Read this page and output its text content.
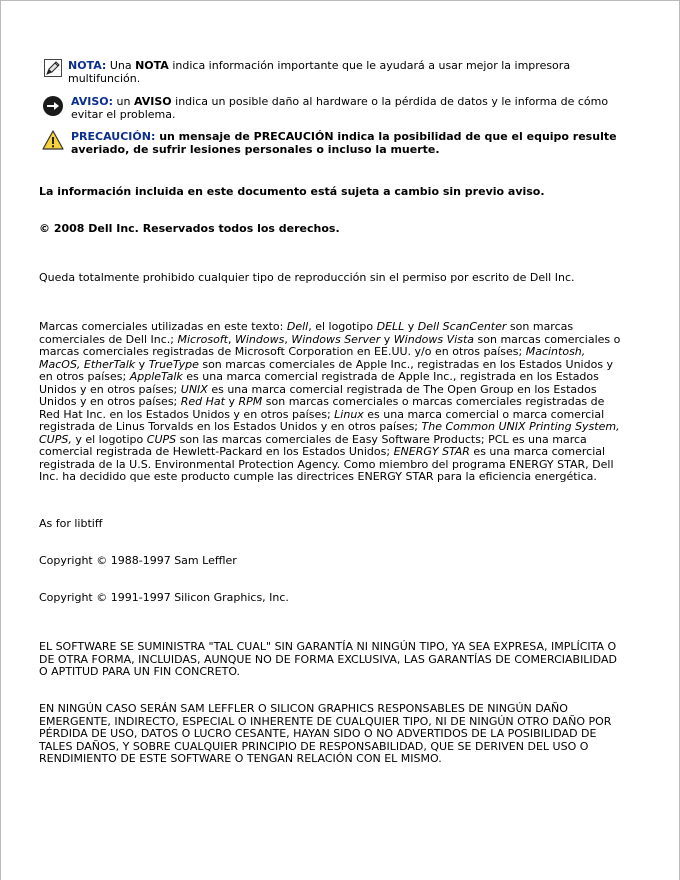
NOTA: Una NOTA indica información importante que le ayudará a usar mejor la impresora multifunción.

AVISO: un AVISO indica un posible daño al hardware o la pérdida de datos y le informa de cómo evitar el problema.

PRECAUCIÓN: un mensaje de PRECAUCIÓN indica la posibilidad de que el equipo resulte averiado, de sufrir lesiones personales o incluso la muerte.

La información incluida en este documento está sujeta a cambio sin previo aviso.

© 2008 Dell Inc. Reservados todos los derechos.

Queda totalmente prohibido cualquier tipo de reproducción sin el permiso por escrito de Dell Inc.

Marcas comerciales utilizadas en este texto: Dell, el logotipo DELL y Dell ScanCenter son marcas comerciales de Dell Inc.; Microsoft, Windows, Windows Server y Windows Vista son marcas comerciales o marcas comerciales registradas de Microsoft Corporation en EE.UU. y/o en otros países; Macintosh, MacOS, EtherTalk y TrueType son marcas comerciales de Apple Inc., registradas en los Estados Unidos y en otros países; AppleTalk es una marca comercial registrada de Apple Inc., registrada en los Estados Unidos y en otros países; UNIX es una marca comercial registrada de The Open Group en los Estados Unidos y en otros países; Red Hat y RPM son marcas comerciales o marcas comerciales registradas de Red Hat Inc. en los Estados Unidos y en otros países; Linux es una marca comercial o marca comercial registrada de Linus Torvalds en los Estados Unidos y en otros países; The Common UNIX Printing System, CUPS, y el logotipo CUPS son las marcas comerciales de Easy Software Products; PCL es una marca comercial registrada de Hewlett-Packard en los Estados Unidos; ENERGY STAR es una marca comercial registrada de la U.S. Environmental Protection Agency. Como miembro del programa ENERGY STAR, Dell Inc. ha decidido que este producto cumple las directrices ENERGY STAR para la eficiencia energética.

As for libtiff

Copyright © 1988-1997 Sam Leffler

Copyright © 1991-1997 Silicon Graphics, Inc.

EL SOFTWARE SE SUMINISTRA "TAL CUAL" SIN GARANTÍA NI NINGÚN TIPO, YA SEA EXPRESA, IMPLÍCITA O DE OTRA FORMA, INCLUIDAS, AUNQUE NO DE FORMA EXCLUSIVA, LAS GARANTÍAS DE COMERCIABILIDAD O APTITUD PARA UN FIN CONCRETO.

EN NINGÚN CASO SERÁN SAM LEFFLER O SILICON GRAPHICS RESPONSABLES DE NINGÚN DAÑO EMERGENTE, INDIRECTO, ESPECIAL O INHERENTE DE CUALQUIER TIPO, NI DE NINGÚN OTRO DAÑO POR PÉRDIDA DE USO, DATOS O LUCRO CESANTE, HAYAN SIDO O NO ADVERTIDOS DE LA POSIBILIDAD DE TALES DAÑOS, Y SOBRE CUALQUIER PRINCIPIO DE RESPONSABILIDAD, QUE SE DERIVEN DEL USO O RENDIMIENTO DE ESTE SOFTWARE O TENGAN RELACIÓN CON EL MISMO.
